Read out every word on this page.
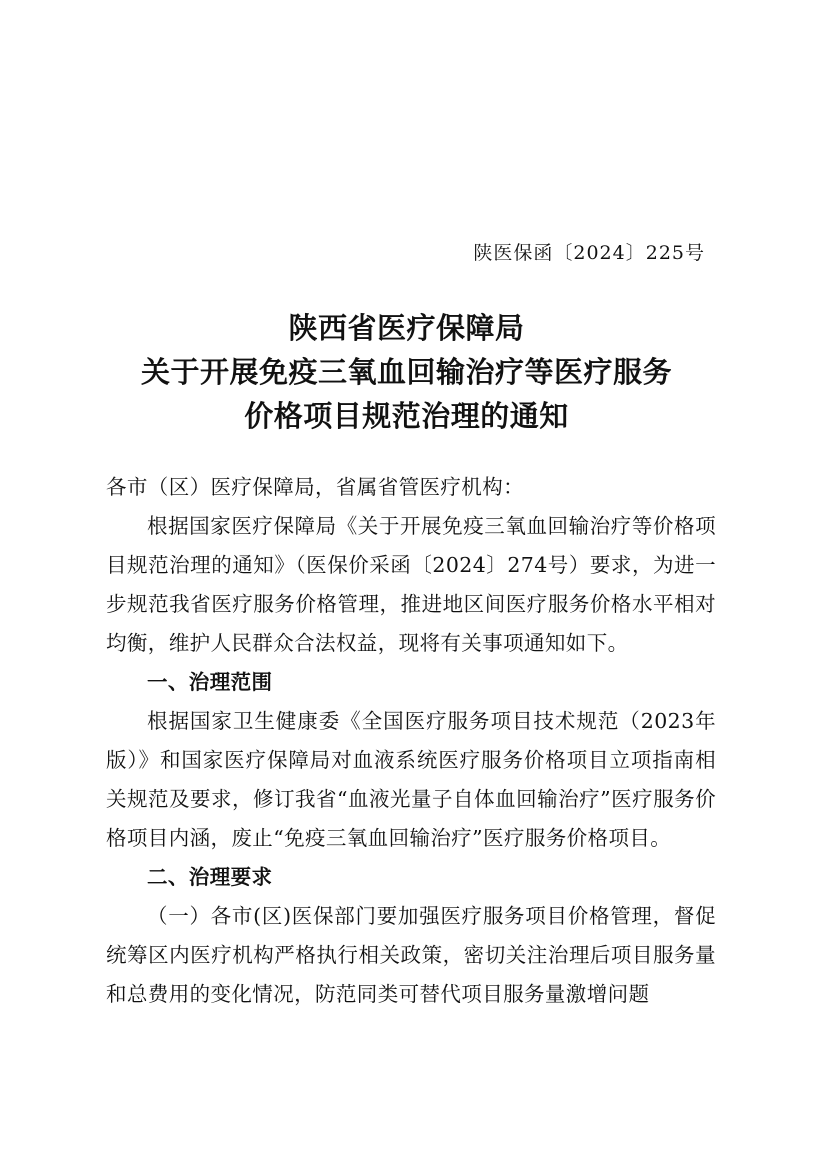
陕医保函〔2024〕225号
陕西省医疗保障局
关于开展免疫三氧血回输治疗等医疗服务
价格项目规范治理的通知

各市（区）医疗保障局，省属省管医疗机构：

根据国家医疗保障局《关于开展免疫三氧血回输治疗等价格项目规范治理的通知》（医保价采函〔2024〕274号）要求，为进一步规范我省医疗服务价格管理，推进地区间医疗服务价格水平相对均衡，维护人民群众合法权益，现将有关事项通知如下。

一、治理范围

根据国家卫生健康委《全国医疗服务项目技术规范（2023年版）》和国家医疗保障局对血液系统医疗服务价格项目立项指南相关规范及要求，修订我省“血液光量子自体血回输治疗”医疗服务价格项目内涵，废止“免疫三氧血回输治疗”医疗服务价格项目。

二、治理要求

（一）各市(区)医保部门要加强医疗服务项目价格管理，督促统筹区内医疗机构严格执行相关政策，密切关注治理后项目服务量和总费用的变化情况，防范同类可替代项目服务量激增问题
